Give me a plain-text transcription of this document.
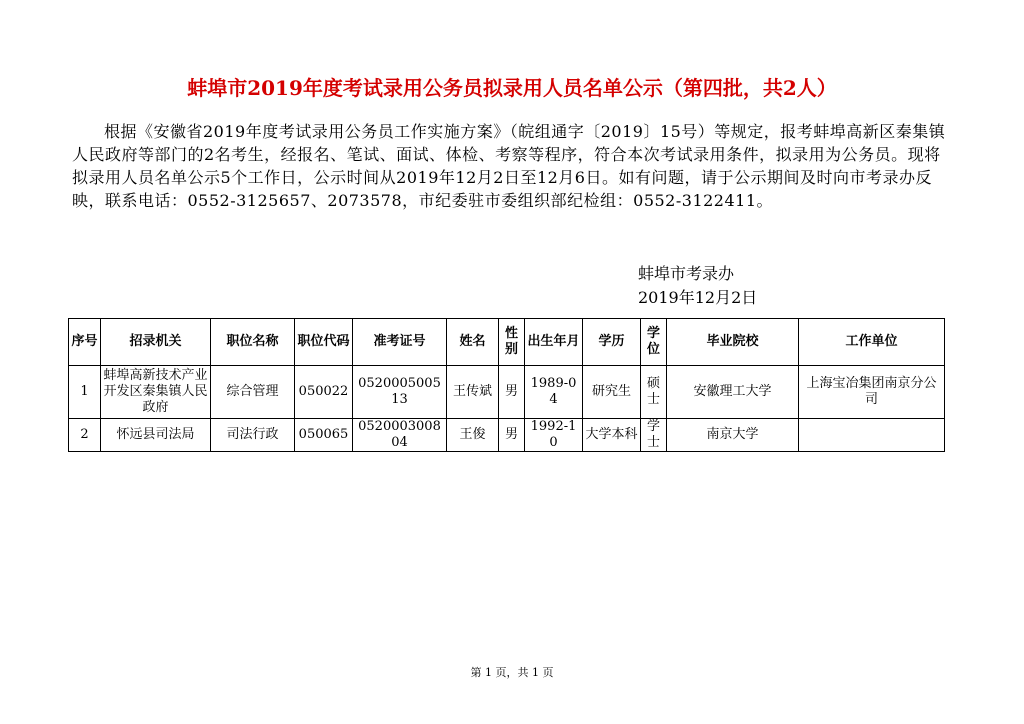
蚌埠市2019年度考试录用公务员拟录用人员名单公示（第四批，共2人）
根据《安徽省2019年度考试录用公务员工作实施方案》（皖组通字〔2019〕15号）等规定，报考蚌埠高新区秦集镇人民政府等部门的2名考生，经报名、笔试、面试、体检、考察等程序，符合本次考试录用条件，拟录用为公务员。现将拟录用人员名单公示5个工作日，公示时间从2019年12月2日至12月6日。如有问题，请于公示期间及时向市考录办反映，联系电话：0552-3125657、2073578，市纪委驻市委组织部纪检组：0552-3122411。
蚌埠市考录办
2019年12月2日
序号	招录机关	职位名称	职位代码	准考证号	姓名	性别	出生年月	学历	学位	毕业院校	工作单位
1	蚌埠高新技术产业开发区秦集镇人民政府	综合管理	050022	052000500513	王传斌	男	1989-04	研究生	硕士	安徽理工大学	上海宝冶集团南京分公司
2	怀远县司法局	司法行政	050065	052000300804	王俊	男	1992-10	大学本科	学士	南京大学	
第 1 页，共 1 页
